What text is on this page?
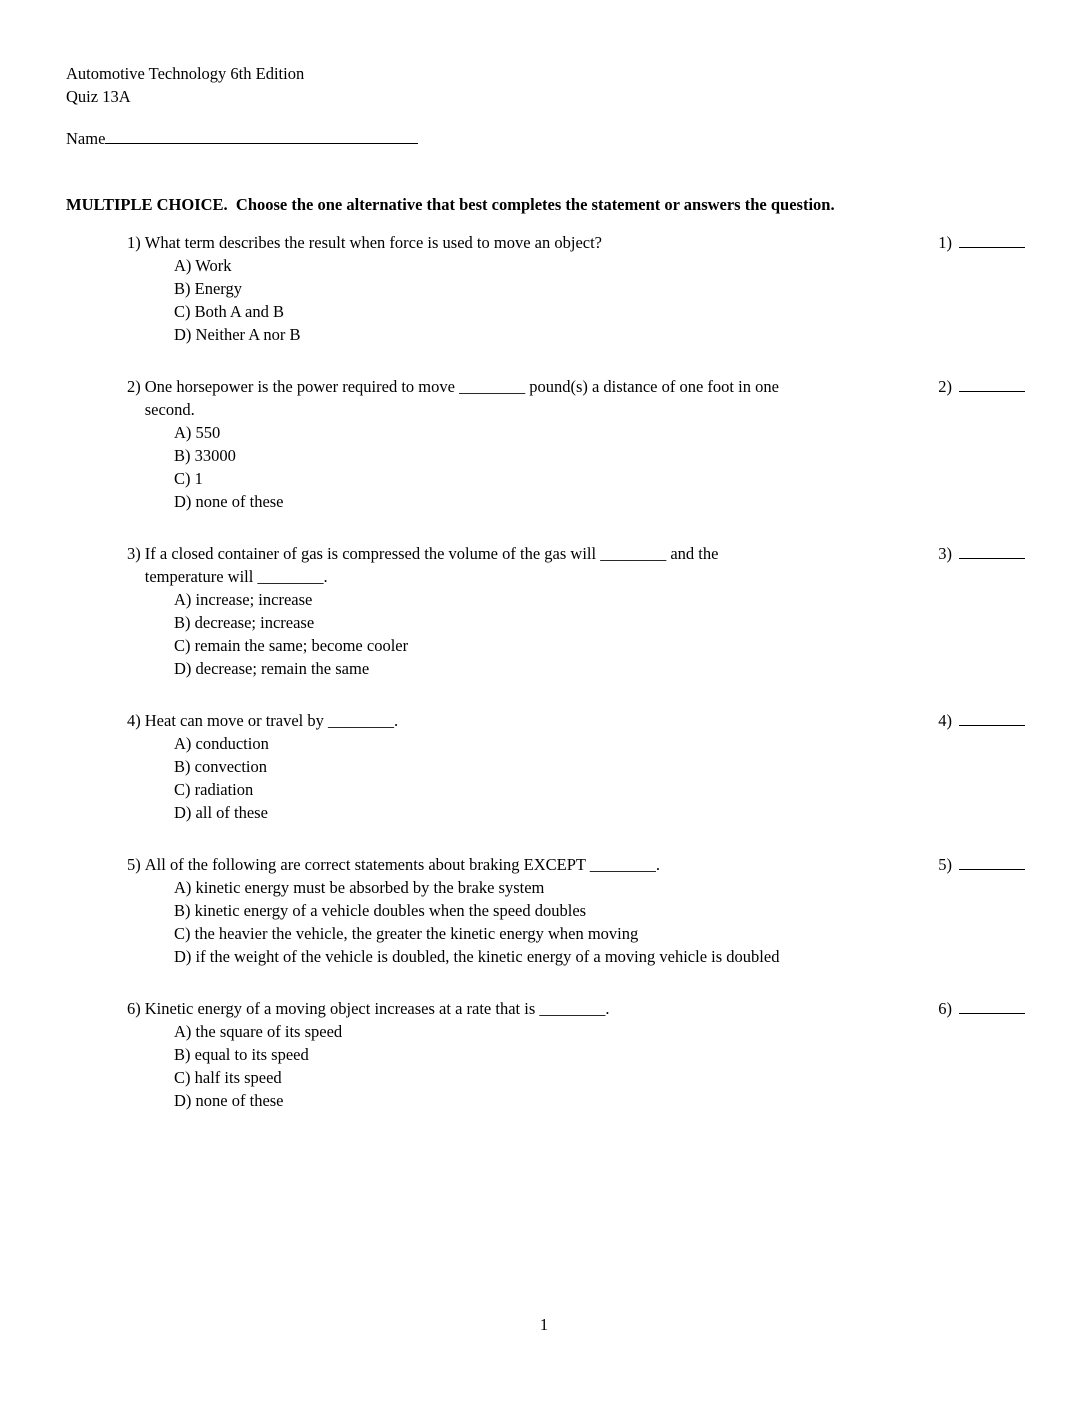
Automotive Technology 6th Edition
Quiz 13A
Name
MULTIPLE CHOICE.  Choose the one alternative that best completes the statement or answers the question.
1) What term describes the result when force is used to move an object?
A) Work
B) Energy
C) Both A and B
D) Neither A nor B
1)
2) One horsepower is the power required to move ________ pound(s) a distance of one foot in one
second.
A) 550
B) 33000
C) 1
D) none of these
2)
3) If a closed container of gas is compressed the volume of the gas will ________ and the
temperature will ________.
A) increase; increase
B) decrease; increase
C) remain the same; become cooler
D) decrease; remain the same
3)
4) Heat can move or travel by ________.
A) conduction
B) convection
C) radiation
D) all of these
4)
5) All of the following are correct statements about braking EXCEPT ________.
A) kinetic energy must be absorbed by the brake system
B) kinetic energy of a vehicle doubles when the speed doubles
C) the heavier the vehicle, the greater the kinetic energy when moving
D) if the weight of the vehicle is doubled, the kinetic energy of a moving vehicle is doubled
5)
6) Kinetic energy of a moving object increases at a rate that is ________.
A) the square of its speed
B) equal to its speed
C) half its speed
D) none of these
6)
1
